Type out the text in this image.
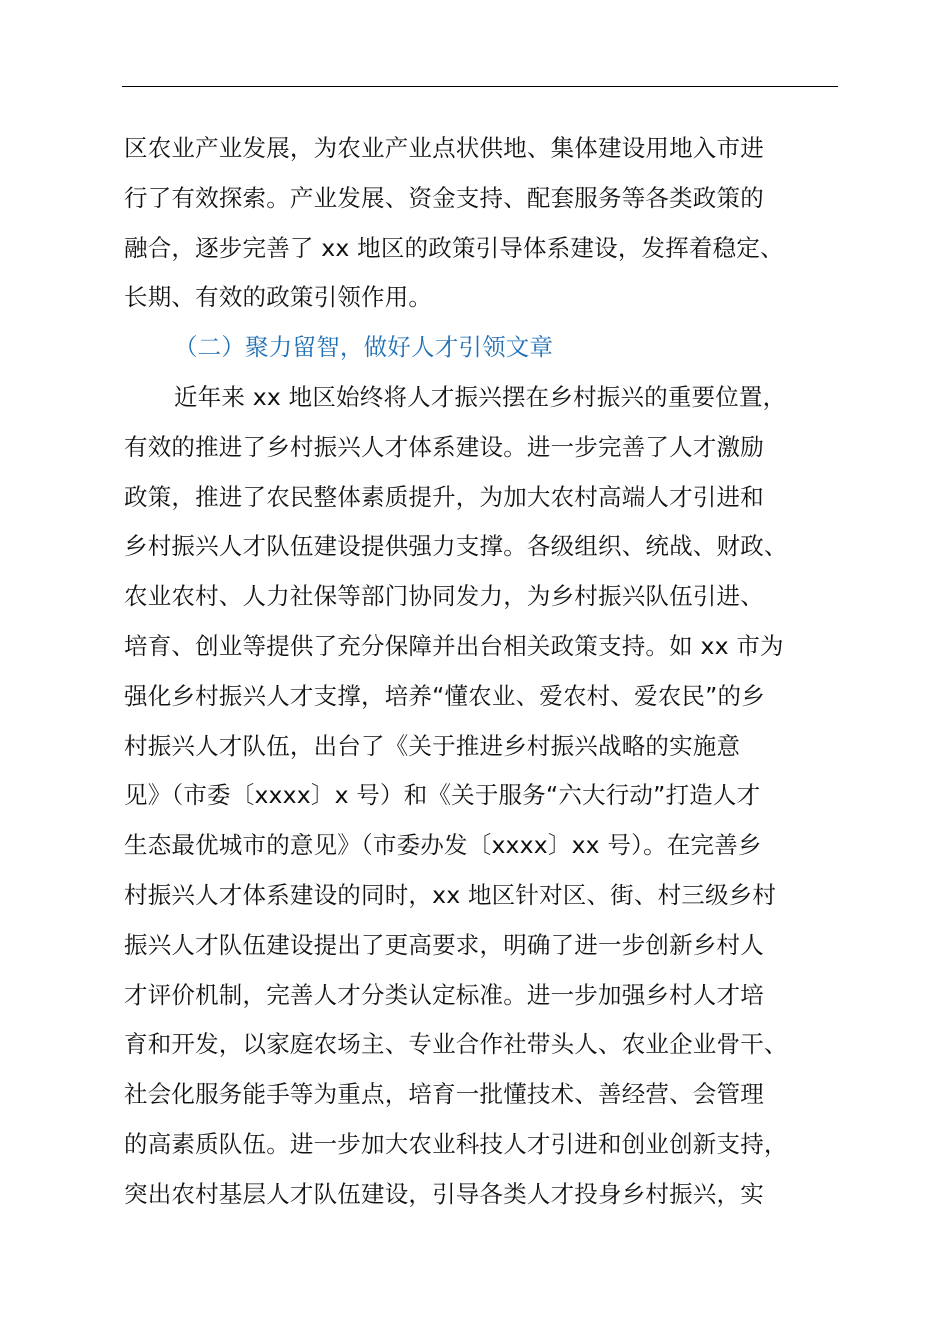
区农业产业发展，为农业产业点状供地、集体建设用地入市进
行了有效探索。产业发展、资金支持、配套服务等各类政策的
融合，逐步完善了 xx 地区的政策引导体系建设，发挥着稳定、
长期、有效的政策引领作用。
（二）聚力留智，做好人才引领文章
近年来 xx 地区始终将人才振兴摆在乡村振兴的重要位置，
有效的推进了乡村振兴人才体系建设。进一步完善了人才激励
政策，推进了农民整体素质提升，为加大农村高端人才引进和
乡村振兴人才队伍建设提供强力支撑。各级组织、统战、财政、
农业农村、人力社保等部门协同发力，为乡村振兴队伍引进、
培育、创业等提供了充分保障并出台相关政策支持。如 xx 市为
强化乡村振兴人才支撑，培养“懂农业、爱农村、爱农民”的乡
村振兴人才队伍，出台了《关于推进乡村振兴战略的实施意
见》（市委〔xxxx〕x 号）和《关于服务“六大行动”打造人才
生态最优城市的意见》（市委办发〔xxxx〕xx 号）。在完善乡
村振兴人才体系建设的同时，xx 地区针对区、街、村三级乡村
振兴人才队伍建设提出了更高要求，明确了进一步创新乡村人
才评价机制，完善人才分类认定标准。进一步加强乡村人才培
育和开发，以家庭农场主、专业合作社带头人、农业企业骨干、
社会化服务能手等为重点，培育一批懂技术、善经营、会管理
的高素质队伍。进一步加大农业科技人才引进和创业创新支持，
突出农村基层人才队伍建设，引导各类人才投身乡村振兴，实
